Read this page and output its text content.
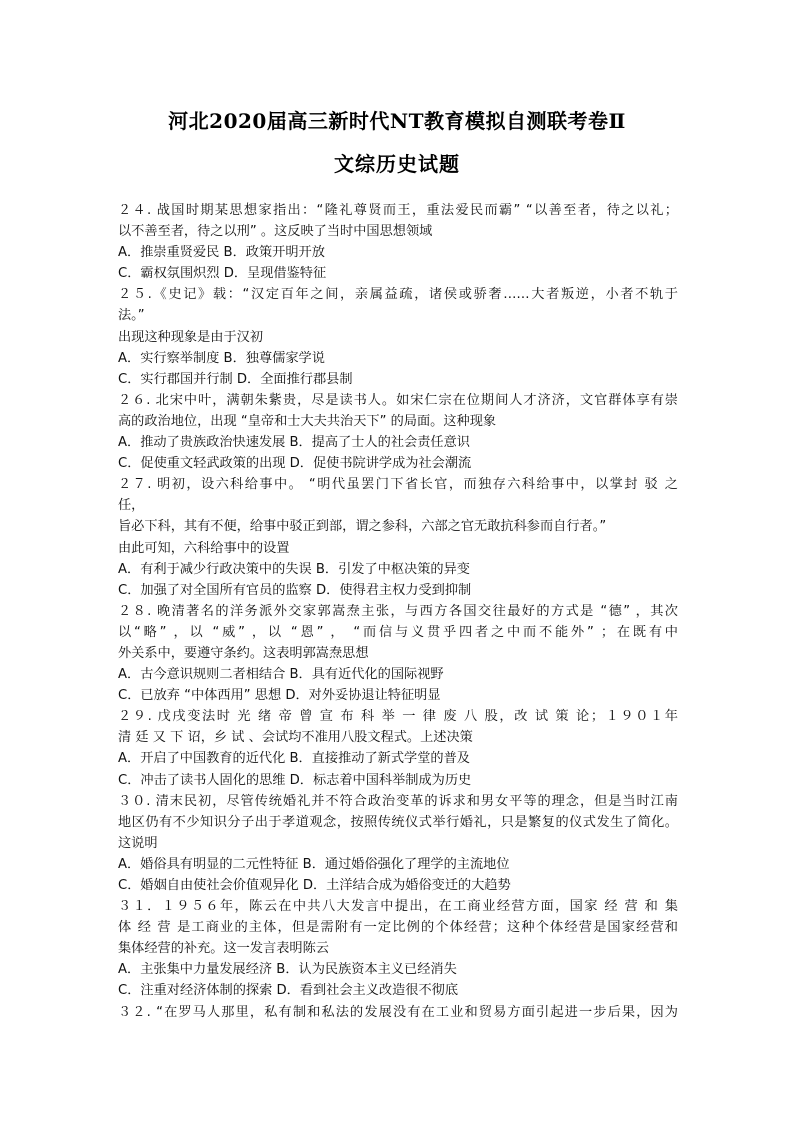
河北2020届高三新时代NT教育模拟自测联考卷Ⅱ
文综历史试题
２４. 战国时期某思想家指出：“隆礼尊贤而王，重法爱民而霸” “以善至者，待之以礼；
以不善至者，待之以刑” 。这反映了当时中国思想领域
A．推崇重贤爱民 B．政策开明开放
C．霸权氛围炽烈 D．呈现借鉴特征
２５.《史记》载：“汉定百年之间，亲属益疏，诸侯或骄奢……大者叛逆，小者不轨于
法。”
出现这种现象是由于汉初
A．实行察举制度 B．独尊儒家学说
C．实行郡国并行制 D．全面推行郡县制
２６. 北宋中叶，满朝朱紫贵，尽是读书人。如宋仁宗在位期间人才济济，文官群体享有崇
高的政治地位，出现 “皇帝和士大夫共治天下” 的局面。这种现象
A．推动了贵族政治快速发展 B．提高了士人的社会责任意识
C．促使重文轻武政策的出现 D．促使书院讲学成为社会潮流
２７. 明初，设六科给事中。 “明代虽罢门下省长官，而独存六科给事中，以掌封 驳 之
任，
旨必下科，其有不便，给事中驳正到部，谓之参科，六部之官无敢抗科参而自行者。”
由此可知，六科给事中的设置
A．有利于减少行政决策中的失误 B．引发了中枢决策的异变
C．加强了对全国所有官员的监察 D．使得君主权力受到抑制
２８. 晚清著名的洋务派外交家郭嵩焘主张，与西方各国交往最好的方式是 “德” ，其次
以“略” ，以 “威” ，以 “恩” ， “而信与义贯乎四者之中而不能外” ；在既有中
外关系中，要遵守条约。这表明郭嵩焘思想
A．古今意识规则二者相结合 B．具有近代化的国际视野
C．已放弃 “中体西用” 思想 D．对外妥协退让特征明显
２９. 戊戌变法时 光 绪 帝 曾 宣 布 科 举 一 律 废 八 股，改 试 策 论；１９０１年
清 廷 又 下 诏，乡 试 、会试均不准用八股文程式。上述决策
A．开启了中国教育的近代化 B．直接推动了新式学堂的普及
C．冲击了读书人固化的思维 D．标志着中国科举制成为历史
３０. 清末民初，尽管传统婚礼并不符合政治变革的诉求和男女平等的理念，但是当时江南
地区仍有不少知识分子出于孝道观念，按照传统仪式举行婚礼，只是繁复的仪式发生了简化。
这说明
A．婚俗具有明显的二元性特征 B．通过婚俗强化了理学的主流地位
C．婚姻自由使社会价值观异化 D．土洋结合成为婚俗变迁的大趋势
３１．１９５６年，陈云在中共八大发言中提出，在工商业经营方面，国家 经 营 和 集
体 经 营 是工商业的主体，但是需附有一定比例的个体经营；这种个体经营是国家经营和
集体经营的补充。这一发言表明陈云
A．主张集中力量发展经济 B．认为民族资本主义已经消失
C．注重对经济体制的探索 D．看到社会主义改造很不彻底
３２. “在罗马人那里，私有制和私法的发展没有在工业和贸易方面引起进一步后果，因为
